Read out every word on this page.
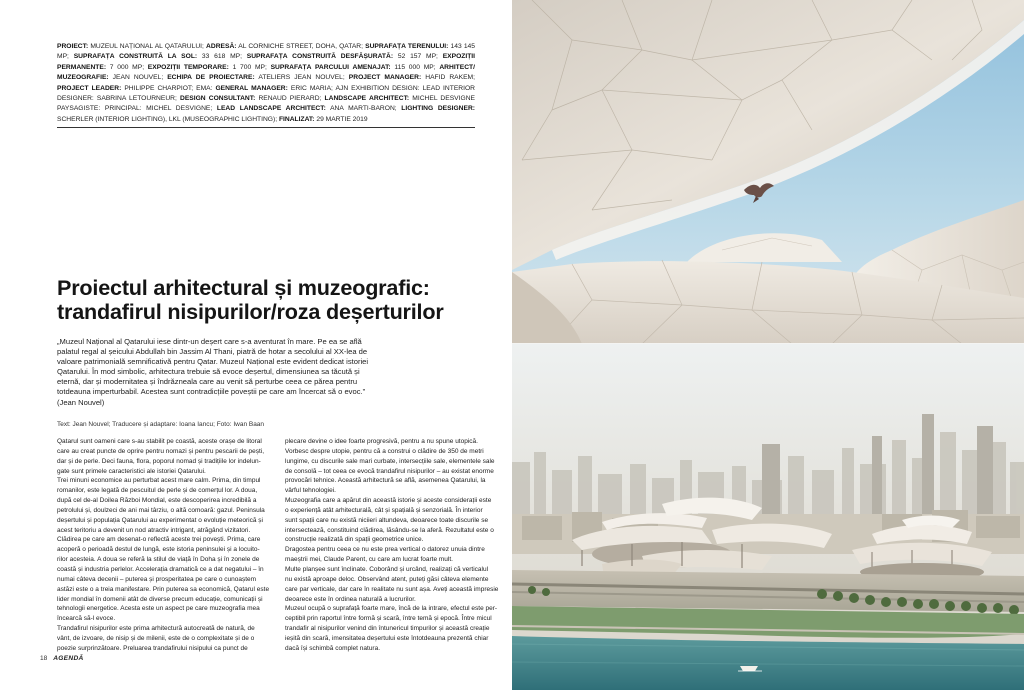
PROIECT: MUZEUL NAȚIONAL AL QATARULUI; ADRESĂ: AL CORNICHE STREET, DOHA, QATAR; SUPRAFAȚA TERENULUI: 143 145 MP; SUPRAFAȚA CONSTRUITĂ LA SOL: 33 618 MP; SUPRAFAȚA CONSTRUITĂ DESFĂȘURATĂ: 52 157 MP; EXPOZIȚII PERMANENTE: 7 000 MP; EXPOZIȚII TEMPORARE: 1 700 MP; SUPRAFAȚA PARCULUI AMENAJAT: 115 000 MP; ARHITECT/ MUZEOGRAFIE: JEAN NOUVEL; ECHIPA DE PROIECTARE: ATELIERS JEAN NOUVEL; PROJECT MANAGER: HAFID RAKEM; PROJECT LEADER: PHILIPPE CHARPIOT; EMA: GENERAL MANAGER: ERIC MARIA; AJN EXHIBITION DESIGN: LEAD INTERIOR DESIGNER: SABRINA LETOURNEUR; DESIGN CONSULTANT: RENAUD PIERARD; LANDSCAPE ARCHITECT: MICHEL DESVIGNE PAYSAGISTE: PRINCIPAL: MICHEL DESVIGNE; LEAD LANDSCAPE ARCHITECT: ANA MARTI-BARON; LIGHTING DESIGNER: SCHERLER (INTERIOR LIGHTING), LKL (MUSEOGRAPHIC LIGHTING); FINALIZAT: 29 MARTIE 2019
Proiectul arhitectural și muzeografic:
trandafirul nisipurilor/roza deșerturilor
„Muzeul Național al Qatarului iese dintr-un deșert care s-a aventurat în mare. Pe ea se află
palatul regal al șeicului Abdullah bin Jassim Al Thani, piatră de hotar a secolului al XX-lea de
valoare patrimonială semnificativă pentru Qatar. Muzeul Național este evident dedicat istoriei
Qatarului. În mod simbolic, arhitectura trebuie să evoce deșertul, dimensiunea sa tăcută și
eternă, dar și modernitatea și îndrăzneala care au venit să perturbe ceea ce părea pentru
totdeauna imperturbabil. Acestea sunt contradicțiile poveștii pe care am încercat să o evoc.”
(Jean Nouvel)
Text: Jean Nouvel; Traducere și adaptare: Ioana Iancu; Foto: Iwan Baan
Qatarul sunt oameni care s-au stabilit pe coastă, aceste orașe de litoral
care au creat puncte de oprire pentru nomazi și pentru pescarii de pești,
dar și de perle. Deci fauna, flora, poporul nomad și tradițiile lor indelun-
gate sunt primele caracteristici ale istoriei Qatarului.
Trei minuni economice au perturbat acest mare calm. Prima, din timpul
romanilor, este legată de pescuitul de perle și de comerțul lor. A doua,
după cel de-al Doilea Război Mondial, este descoperirea incredibilă a
petrolului și, doulzeci de ani mai târziu, o altă comoară: gazul. Peninsula
deșertului și populația Qatarului au experimentat o evoluție meteorică și
acest teritoriu a devenit un nod atractiv intrigant, atrăgând vizitatori.
Clădirea pe care am desenat-o reflectă aceste trei povești. Prima, care
acoperă o perioadă destul de lungă, este istoria peninsulei și a locuito-
rilor acesteia. A doua se referă la stilul de viață în Doha și în zonele de
coastă și industria perlelor. Accelerația dramatică ce a dat negatului – în
numai câteva decenii – puterea și prosperitatea pe care o cunoaștem
astăzi este o a treia manifestare. Prin puterea sa economică, Qatarul este
lider mondial în domenii atât de diverse precum educație, comunicații și
tehnologii energetice. Acesta este un aspect pe care muzeografia mea
încearcă să-l evoce.
Trandafirul nisipurilor este prima arhitectură autocreată de natură, de
vânt, de izvoare, de nisip și de milenii, este de o complexitate și de o
poezie surprinzătoare. Preluarea trandafirului nisipului ca punct de
plecare devine o idee foarte progresivă, pentru a nu spune utopică.
Vorbesc despre utopie, pentru că a construi o clădire de 350 de metri
lungime, cu discurile sale mari curbate, intersecțiile sale, elementele sale
de consolă – tot ceea ce evocă trandafirul nisipurilor – au existat enorme
provocări tehnice. Această arhitectură se află, asemenea Qatarului, la
vârful tehnologiei.
Muzeografia care a apărut din această istorie și aceste considerații este
o experiență atât arhitecturală, cât și spațială și senzorială. În interior
sunt spații care nu există niciieri altundeva, deoarece toate discurile se
intersectează, constituind clădirea, lăsându-se la aferă. Rezultatul este o
construcție realizată din spații geometrice unice.
Dragostea pentru ceea ce nu este prea vertical o datorez unuia dintre
maeștrii mei, Claude Parent, cu care am lucrat foarte mult.
Multe planșee sunt înclinate. Coborând și urcând, realizați că verticalul
nu există aproape deloc. Observând atent, puteți găsi câteva elemente
care par verticale, dar care în realitate nu sunt așa. Aveți această impresie
deoarece este în ordinea naturală a lucrurilor.
Muzeul ocupă o suprafață foarte mare, încă de la intrare, efectul este per-
ceptibil prin raportul între formă și scară, între temă și epocă. Între micul
trandafir al nisipurilor venind din întunericul timpurilor și această creație
ieșită din scară, imensitatea deșertului este întotdeauna prezentă chiar
dacă își schimbă complet natura.
18 AGENDĂ
